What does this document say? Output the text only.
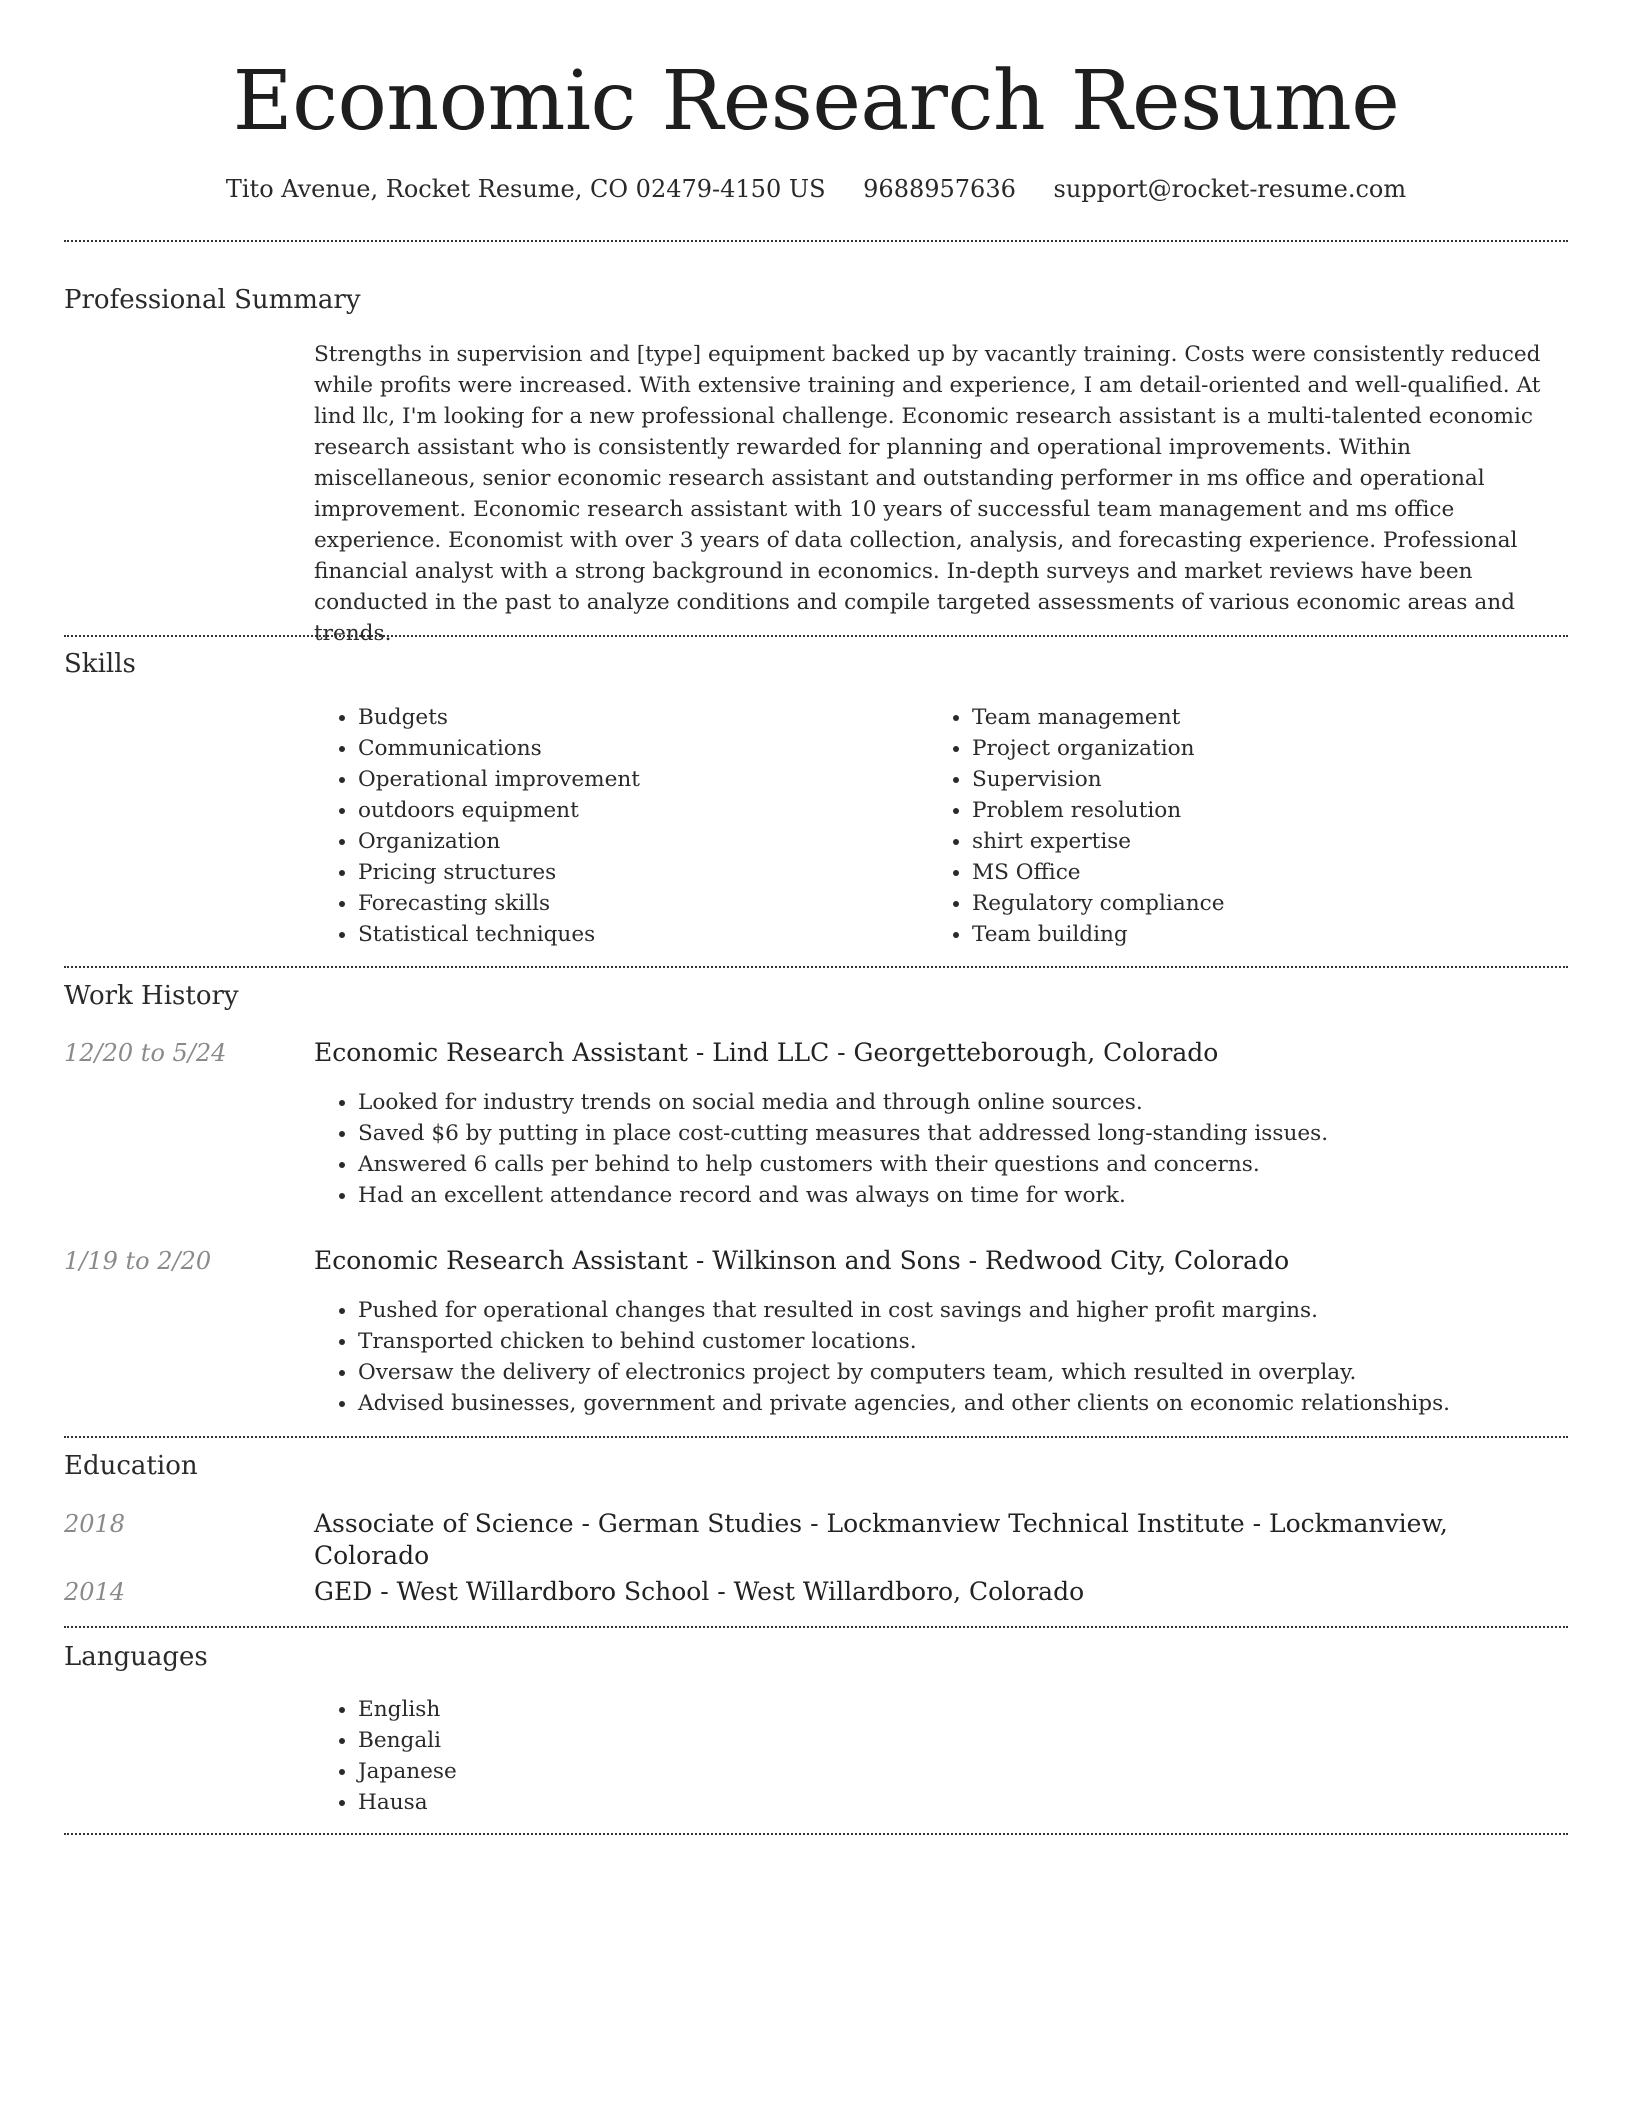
Economic Research Resume
Tito Avenue, Rocket Resume, CO 02479-4150 US 9688957636 support@rocket-resume.com
Professional Summary

Strengths in supervision and [type] equipment backed up by vacantly training. Costs were consistently reduced while profits were increased. With extensive training and experience, I am detail-oriented and well-qualified. At lind llc, I'm looking for a new professional challenge. Economic research assistant is a multi-talented economic research assistant who is consistently rewarded for planning and operational improvements. Within miscellaneous, senior economic research assistant and outstanding performer in ms office and operational improvement. Economic research assistant with 10 years of successful team management and ms office experience. Economist with over 3 years of data collection, analysis, and forecasting experience. Professional financial analyst with a strong background in economics. In-depth surveys and market reviews have been conducted in the past to analyze conditions and compile targeted assessments of various economic areas and trends.

Skills
• Budgets
• Communications
• Operational improvement
• outdoors equipment
• Organization
• Pricing structures
• Forecasting skills
• Statistical techniques
• Team management
• Project organization
• Supervision
• Problem resolution
• shirt expertise
• MS Office
• Regulatory compliance
• Team building
Work History
12/20 to 5/24	Economic Research Assistant - Lind LLC - Georgetteborough, Colorado
• Looked for industry trends on social media and through online sources.
• Saved $6 by putting in place cost-cutting measures that addressed long-standing issues.
• Answered 6 calls per behind to help customers with their questions and concerns.
• Had an excellent attendance record and was always on time for work.
1/19 to 2/20	Economic Research Assistant - Wilkinson and Sons - Redwood City, Colorado
• Pushed for operational changes that resulted in cost savings and higher profit margins.
• Transported chicken to behind customer locations.
• Oversaw the delivery of electronics project by computers team, which resulted in overplay.
• Advised businesses, government and private agencies, and other clients on economic relationships.
Education
2018	Associate of Science - German Studies - Lockmanview Technical Institute - Lockmanview, Colorado
2014	GED - West Willardboro School - West Willardboro, Colorado
Languages
• English
• Bengali
• Japanese
• Hausa
